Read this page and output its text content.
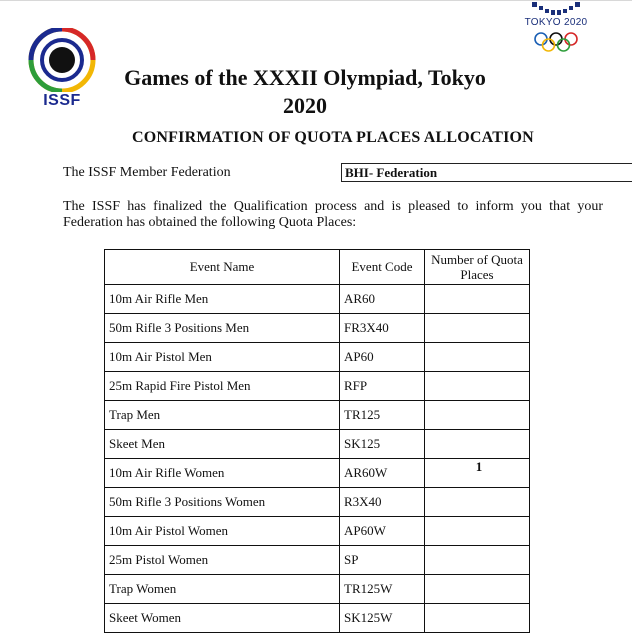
ISSF
TOKYO 2020
Games of the XXXII Olympiad, Tokyo
2020
CONFIRMATION OF QUOTA PLACES ALLOCATION
The ISSF Member Federation	BHI- Federation
The ISSF has finalized the Qualification process and is pleased to inform you that your Federation has obtained the following Quota Places:
Event Name	Event Code	Number of Quota Places

10m Air Rifle Men	AR60	
50m Rifle 3 Positions Men	FR3X40	
10m Air Pistol Men	AP60	
25m Rapid Fire Pistol Men	RFP	
Trap Men	TR125	
Skeet Men	SK125	
10m Air Rifle Women	AR60W	1
50m Rifle 3 Positions Women	R3X40	
10m Air Pistol Women	AP60W	
25m Pistol Women	SP	
Trap Women	TR125W	
Skeet Women	SK125W	
